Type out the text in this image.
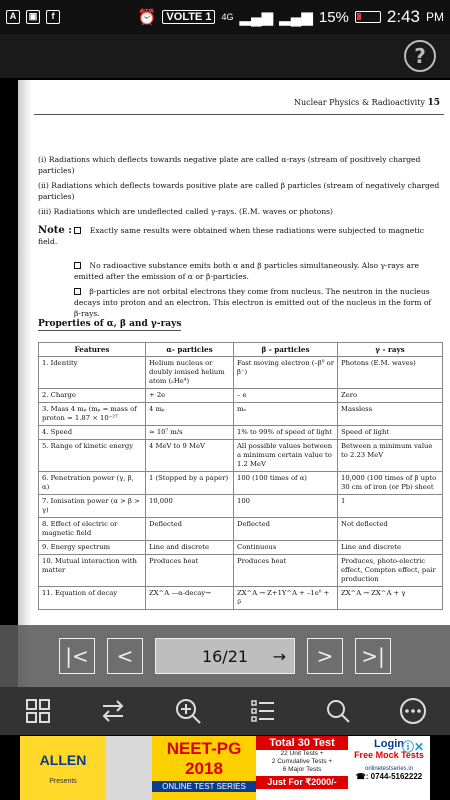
A	▣	f	⏰ VOLTE 1	4G ▂▄▆ ▂▄▆ 15% 2:43 PM
?
Nuclear Physics & Radioactivity 15
(i) Radiations which deflects towards negative plate are called α-rays (stream of positively charged particles)
(ii) Radiations which deflects towards positive plate are called β particles (stream of negatively charged particles)
(iii) Radiations which are undeflected called γ-rays. (E.M. waves or photons)
Note : Exactly same results were obtained when these radiations were subjected to magnetic field.
No radioactive substance emits both α and β particles simultaneously. Also γ-rays are emitted after the emission of α or β-particles.
β-particles are not orbital electrons they come from nucleus. The neutron in the nucleus decays into proton and an electron. This electron is emitted out of the nucleus in the form of β-rays.
Properties of α, β and γ-rays
Features	α- particles	β - particles	γ - rays
1. Identity	Helium nucleus or doubly ionised helium atom (₂He⁴)	Fast moving electron (–β⁰ or β⁻)	Photons (E.M. waves)
2. Charge	+ 2e	– e	Zero
3. Mass 4 mₚ (mₚ = mass of proton = 1.87 × 10⁻²⁷	4 mₚ	mₑ	Massless
4. Speed	≈ 10⁷ m/s	1% to 99% of speed of light	Speed of light
5. Range of kinetic energy	4 MeV to 9 MeV	All possible values between a minimum certain value to 1.2 MeV	Between a minimum value to 2.23 MeV
6. Penetration power (γ, β, α)	1 (Stopped by a paper)	100 (100 times of α)	10,000 (100 times of β upto 30 cm of iron (or Pb) sheet
7. Ionisation power (α > β > γ)	10,000	100	1
8. Effect of electric or magnetic field	Deflected	Deflected	Not deflected
9. Energy spectrum	Line and discrete	Continuous	Line and discrete
10. Mutual interaction with matter	Produces heat	Produces heat	Produces, photo-electric effect, Compton effect, pair production
11. Equation of decay	ZX^A —α-decay→	ZX^A → Z+1Y^A + –1e⁰ + ν̄	ZX^A → ZX^A + γ
|< <	16/21 → > >|
ALLEN
Presents
NEET-PG
2018
ONLINE TEST SERIES
Total 30 Test
22 Unit Tests +
2 Cumulative Tests +
6 Major Tests
Just For ₹2000/-
Login
Free Mock Tests
onlinetestseries.in
☎: 0744-5162222
ⓘ✕
